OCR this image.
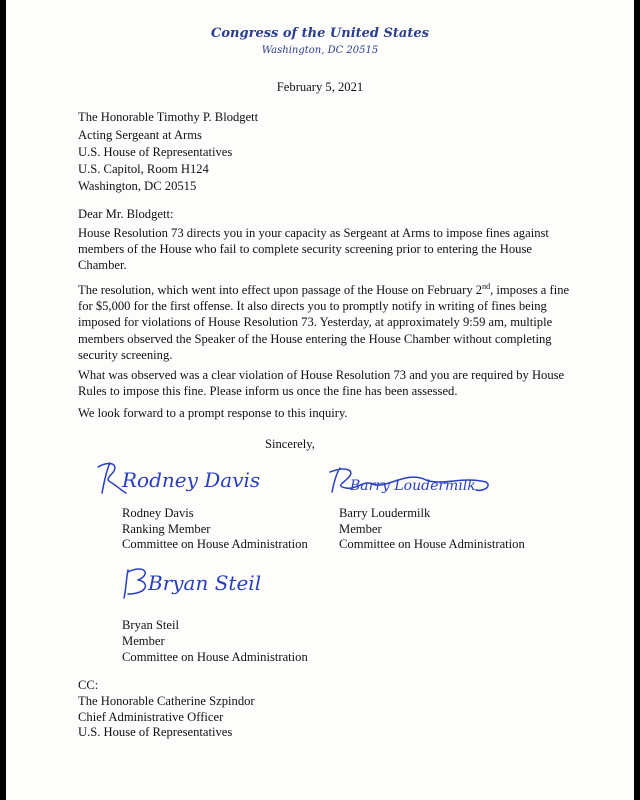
Congress of the United States
Washington, DC 20515
February 5, 2021
The Honorable Timothy P. Blodgett
Acting Sergeant at Arms
U.S. House of Representatives
U.S. Capitol, Room H124
Washington, DC 20515
Dear Mr. Blodgett:
House Resolution 73 directs you in your capacity as Sergeant at Arms to impose fines against members of the House who fail to complete security screening prior to entering the House Chamber.
The resolution, which went into effect upon passage of the House on February 2nd, imposes a fine for $5,000 for the first offense. It also directs you to promptly notify in writing of fines being imposed for violations of House Resolution 73. Yesterday, at approximately 9:59 am, multiple members observed the Speaker of the House entering the House Chamber without completing security screening.
What was observed was a clear violation of House Resolution 73 and you are required by House Rules to impose this fine. Please inform us once the fine has been assessed.
We look forward to a prompt response to this inquiry.
Sincerely,
Rodney Davis	Barry Loudermilk
Bryan Steil
Rodney Davis
Ranking Member
Committee on House Administration
Barry Loudermilk
Member
Committee on House Administration
Bryan Steil
Member
Committee on House Administration
CC:
The Honorable Catherine Szpindor
Chief Administrative Officer
U.S. House of Representatives
